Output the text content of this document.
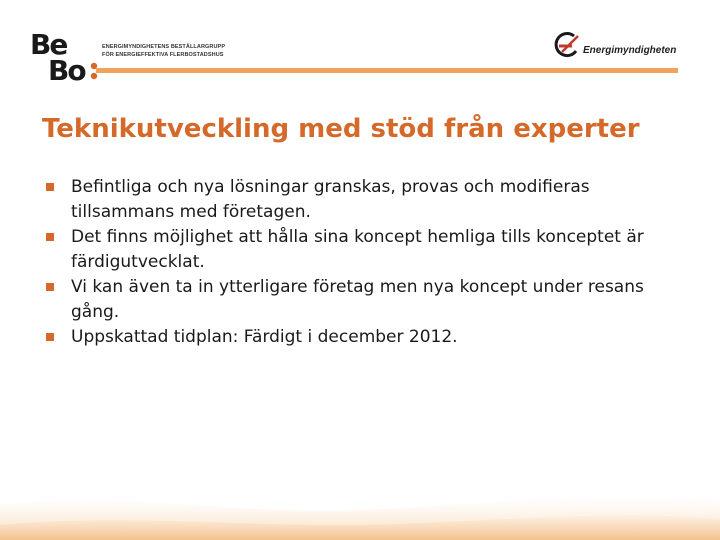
Be
Bo
ENERGIMYNDIGHETENS BESTÄLLARGRUPP
FÖR ENERGIEFFEKTIVA FLERBOSTADSHUS	Energimyndigheten
Teknikutveckling med stöd från experter
Befintliga och nya lösningar granskas, provas och modifieras tillsammans med företagen.
Det finns möjlighet att hålla sina koncept hemliga tills konceptet är färdigutvecklat.
Vi kan även ta in ytterligare företag men nya koncept under resans gång.
Uppskattad tidplan: Färdigt i december 2012.
